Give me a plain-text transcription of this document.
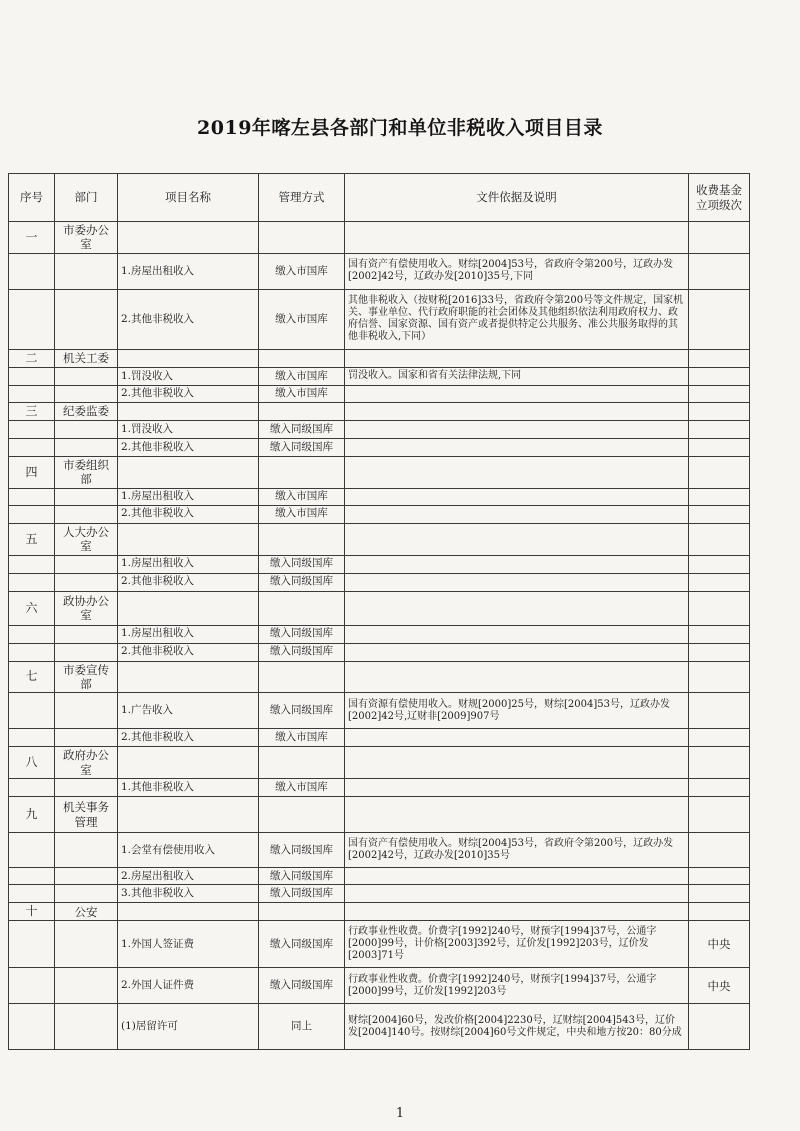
2019年喀左县各部门和单位非税收入项目目录
序号	部门	项目名称	管理方式	文件依据及说明	收费基金立项级次
一	市委办公室				
		1.房屋出租收入	缴入市国库	国有资产有偿使用收入。财综[2004]53号，省政府令第200号，辽政办发[2002]42号，辽政办发[2010]35号,下同	
		2.其他非税收入	缴入市国库	其他非税收入（按财税[2016]33号，省政府令第200号等文件规定，国家机关、事业单位、代行政府职能的社会团体及其他组织依法利用政府权力、政府信誉、国家资源、国有资产或者提供特定公共服务、准公共服务取得的其他非税收入,下同）	
二	机关工委				
		1.罚没收入	缴入市国库	罚没收入。国家和省有关法律法规,下同	
		2.其他非税收入	缴入市国库		
三	纪委监委				
		1.罚没收入	缴入同级国库		
		2.其他非税收入	缴入同级国库		
四	市委组织部				
		1.房屋出租收入	缴入市国库		
		2.其他非税收入	缴入市国库		
五	人大办公室				
		1.房屋出租收入	缴入同级国库		
		2.其他非税收入	缴入同级国库		
六	政协办公室				
		1.房屋出租收入	缴入同级国库		
		2.其他非税收入	缴入同级国库		
七	市委宣传部				
		1.广告收入	缴入同级国库	国有资源有偿使用收入。财规[2000]25号，财综[2004]53号，辽政办发[2002]42号,辽财非[2009]907号	
		2.其他非税收入	缴入市国库		
八	政府办公室				
		1.其他非税收入	缴入市国库		
九	机关事务管理				
		1.会堂有偿使用收入	缴入同级国库	国有资产有偿使用收入。财综[2004]53号，省政府令第200号，辽政办发[2002]42号，辽政办发[2010]35号	
		2.房屋出租收入	缴入同级国库		
		3.其他非税收入	缴入同级国库		
十	公安				
		1.外国人签证费	缴入同级国库	行政事业性收费。价费字[1992]240号，财预字[1994]37号，公通字[2000]99号，计价格[2003]392号，辽价发[1992]203号，辽价发[2003]71号	中央
		2.外国人证件费	缴入同级国库	行政事业性收费。价费字[1992]240号，财预字[1994]37号，公通字[2000]99号，辽价发[1992]203号	中央
		(1)居留许可	同上	财综[2004]60号，发改价格[2004]2230号，辽财综[2004]543号，辽价发[2004]140号。按财综[2004]60号文件规定，中央和地方按20：80分成	
1
